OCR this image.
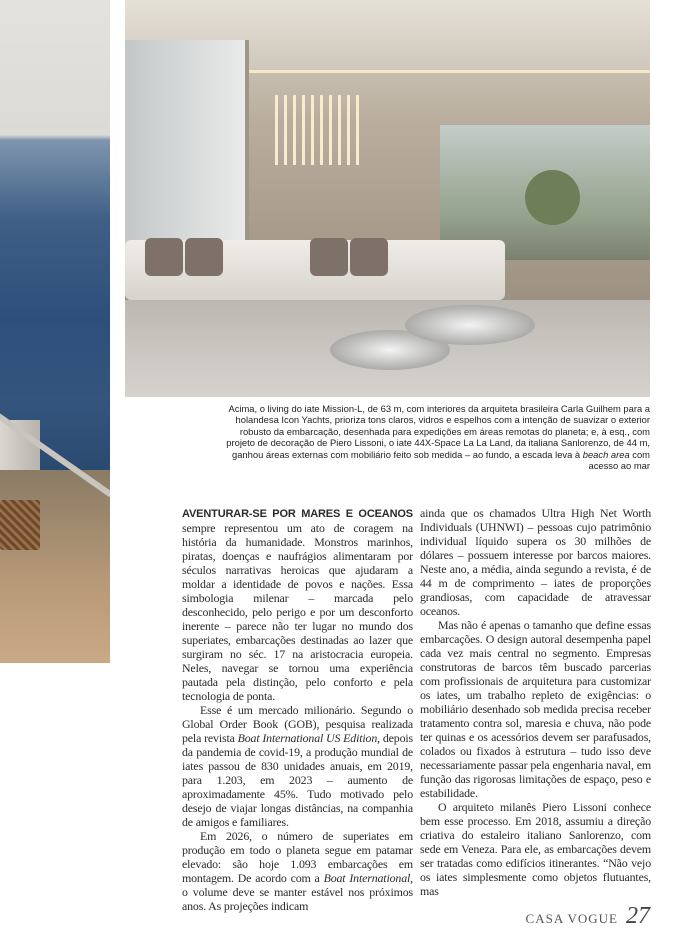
Acima, o living do iate Mission-L, de 63 m, com interiores da arquiteta brasileira Carla Guilhem para a holandesa Icon Yachts, prioriza tons claros, vidros e espelhos com a intenção de suavizar o exterior robusto da embarcação, desenhada para expedições em áreas remotas do planeta; e, à esq., com projeto de decoração de Piero Lissoni, o iate 44X-Space La La Land, da italiana Sanlorenzo, de 44 m, ganhou áreas externas com mobiliário feito sob medida – ao fundo, a escada leva à beach area com acesso ao mar

AVENTURAR-SE POR MARES E OCEANOS sempre representou um ato de coragem na história da humanidade. Monstros marinhos, piratas, doenças e naufrágios alimentaram por séculos narrativas heroicas que ajudaram a moldar a identidade de povos e nações. Essa simbologia milenar – marcada pelo desconhecido, pelo perigo e por um desconforto inerente – parece não ter lugar no mundo dos superiates, embarcações destinadas ao lazer que surgiram no séc. 17 na aristocracia europeia. Neles, navegar se tornou uma experiência pautada pela distinção, pelo conforto e pela tecnologia de ponta.

Esse é um mercado milionário. Segundo o Global Order Book (GOB), pesquisa realizada pela revista Boat International US Edition, depois da pandemia de covid-19, a produção mundial de iates passou de 830 unidades anuais, em 2019, para 1.203, em 2023 – aumento de aproximadamente 45%. Tudo motivado pelo desejo de viajar longas distâncias, na companhia de amigos e familiares.

Em 2026, o número de superiates em produção em todo o planeta segue em patamar elevado: são hoje 1.093 embarcações em montagem. De acordo com a Boat International, o volume deve se manter estável nos próximos anos. As projeções indicam

ainda que os chamados Ultra High Net Worth Individuals (UHNWI) – pessoas cujo patrimônio individual líquido supera os 30 milhões de dólares – possuem interesse por barcos maiores. Neste ano, a média, ainda segundo a revista, é de 44 m de comprimento – iates de proporções grandiosas, com capacidade de atravessar oceanos.

Mas não é apenas o tamanho que define essas embarcações. O design autoral desempenha papel cada vez mais central no segmento. Empresas construtoras de barcos têm buscado parcerias com profissionais de arquitetura para customizar os iates, um trabalho repleto de exigências: o mobiliário desenhado sob medida precisa receber tratamento contra sol, maresia e chuva, não pode ter quinas e os acessórios devem ser parafusados, colados ou fixados à estrutura – tudo isso deve necessariamente passar pela engenharia naval, em função das rigorosas limitações de espaço, peso e estabilidade.

O arquiteto milanês Piero Lissoni conhece bem esse processo. Em 2018, assumiu a direção criativa do estaleiro italiano Sanlorenzo, com sede em Veneza. Para ele, as embarcações devem ser tratadas como edifícios itinerantes. “Não vejo os iates simplesmente como objetos flutuantes, mas

CASA VOGUE 27
